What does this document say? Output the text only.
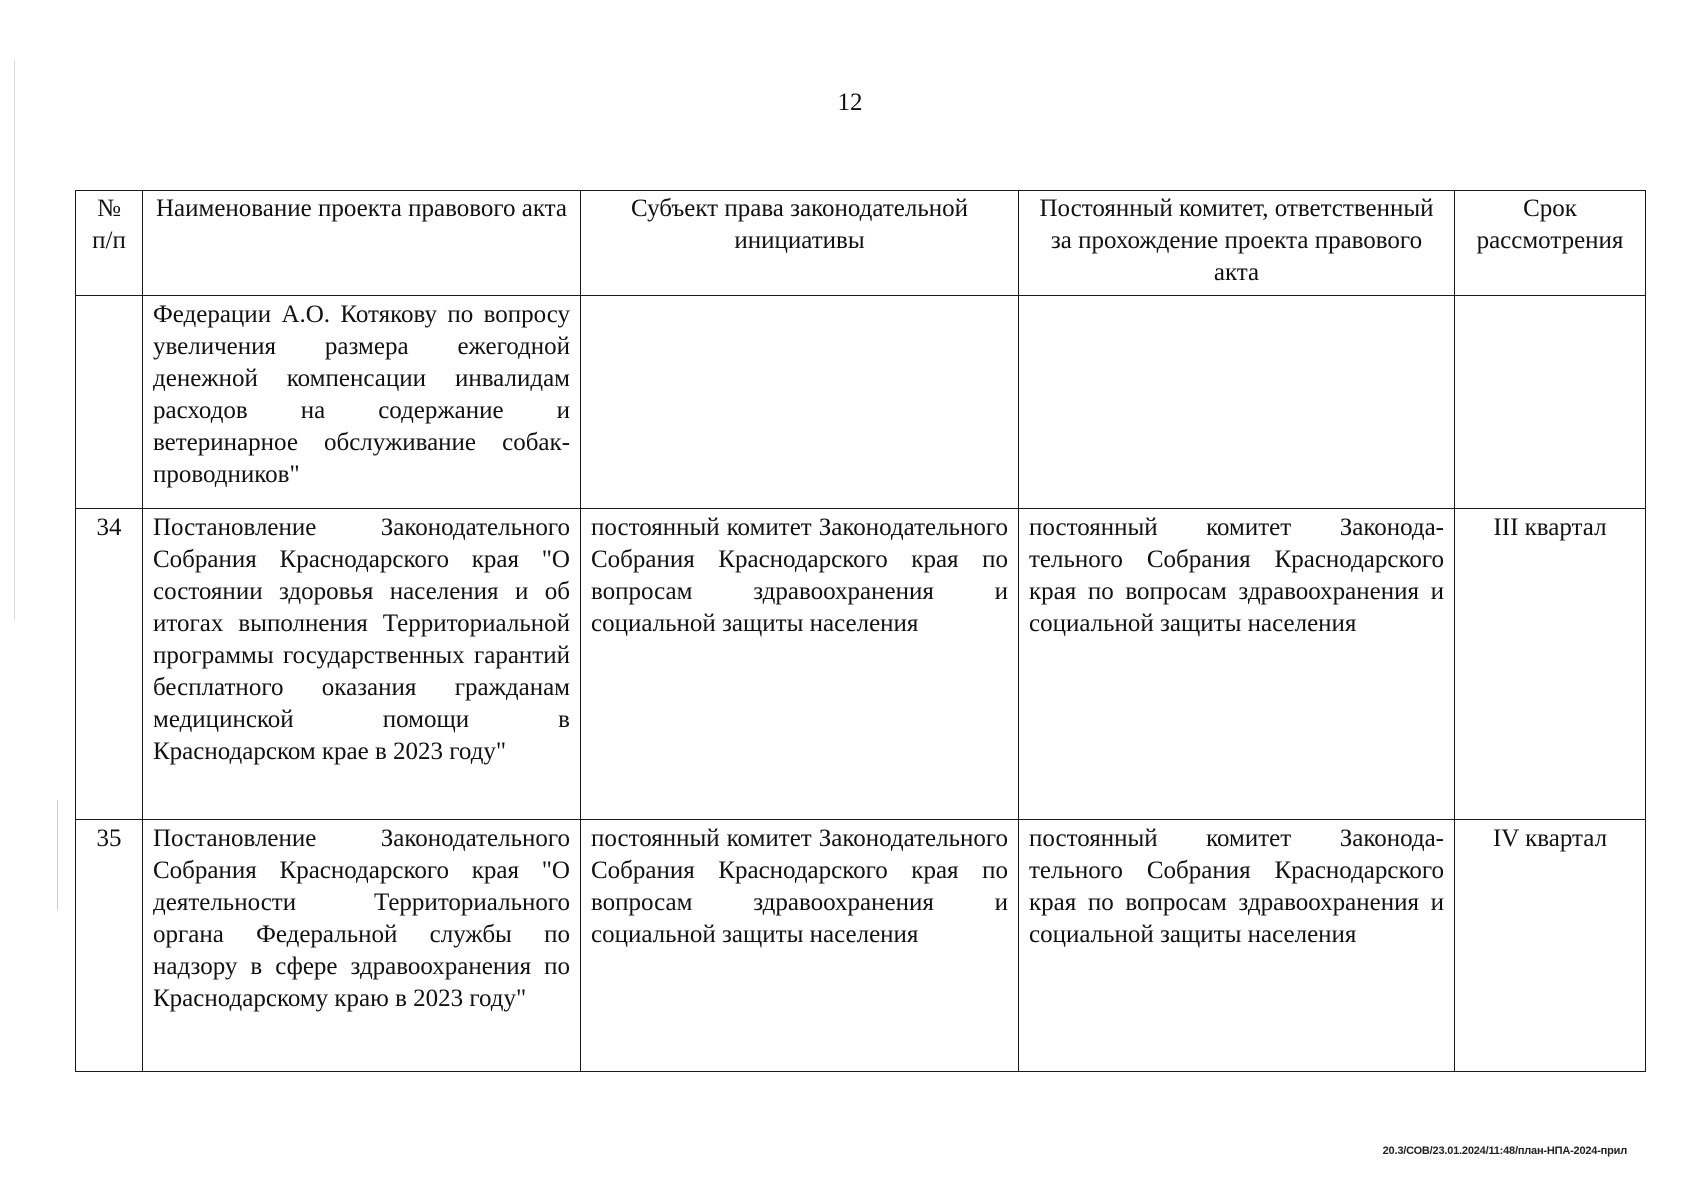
12
№ п/п	Наименование проекта правового акта	Субъект права законодательной инициативы	Постоянный комитет, ответственный за прохождение проекта правового акта	Срок рассмотрения
	Федерации А.О. Котякову по вопросу увеличения размера ежегодной денежной компенсации инвалидам расходов на содержание и ветеринарное обслуживание собак-проводников"			
34	Постановление Законодательного Собрания Краснодарского края "О состоянии здоровья населения и об итогах выполнения Территориальной программы государственных гарантий бесплатного оказания гражданам медицинской помощи в Краснодарском крае в 2023 году"	постоянный комитет Законодательного Собрания Краснодарского края по вопросам здравоохранения и социальной защиты населения	постоянный комитет Законодательного Собрания Краснодарского края по вопросам здравоохранения и социальной защиты населения	III квартал
35	Постановление Законодательного Собрания Краснодарского края "О деятельности Территориального органа Федеральной службы по надзору в сфере здравоохранения по Краснодарскому краю в 2023 году"	постоянный комитет Законодательного Собрания Краснодарского края по вопросам здравоохранения и социальной защиты населения	постоянный комитет Законодательного Собрания Краснодарского края по вопросам здравоохранения и социальной защиты населения	IV квартал
20.3/СОВ/23.01.2024/11:48/план-НПА-2024-прил
